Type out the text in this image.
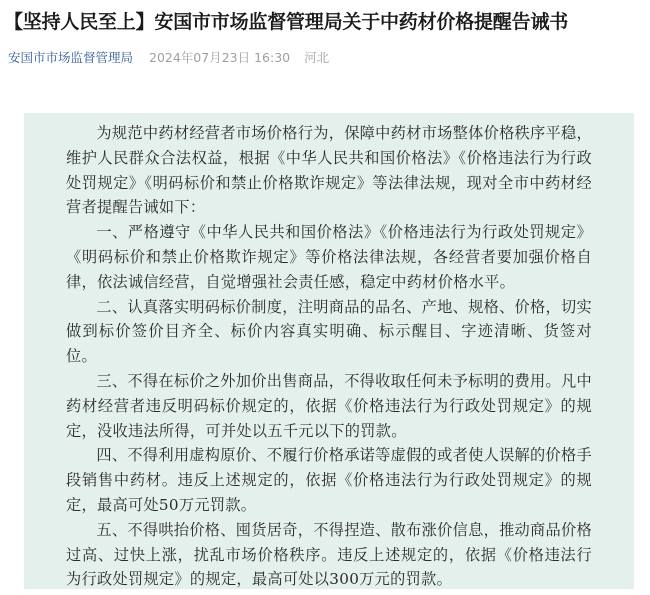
【坚持人民至上】安国市市场监督管理局关于中药材价格提醒告诫书
安国市市场监督管理局 2024年07月23日 16:30 河北

为规范中药材经营者市场价格行为，保障中药材市场整体价格秩序平稳，维护人民群众合法权益，根据《中华人民共和国价格法》《价格违法行为行政处罚规定》《明码标价和禁止价格欺诈规定》等法律法规，现对全市中药材经营者提醒告诫如下：

一、严格遵守《中华人民共和国价格法》《价格违法行为行政处罚规定》《明码标价和禁止价格欺诈规定》等价格法律法规，各经营者要加强价格自律，依法诚信经营，自觉增强社会责任感，稳定中药材价格水平。

二、认真落实明码标价制度，注明商品的品名、产地、规格、价格，切实做到标价签价目齐全、标价内容真实明确、标示醒目、字迹清晰、货签对位。

三、不得在标价之外加价出售商品，不得收取任何未予标明的费用。凡中药材经营者违反明码标价规定的，依据《价格违法行为行政处罚规定》的规定，没收违法所得，可并处以五千元以下的罚款。

四、不得利用虚构原价、不履行价格承诺等虚假的或者使人误解的价格手段销售中药材。违反上述规定的，依据《价格违法行为行政处罚规定》的规定，最高可处50万元罚款。

五、不得哄抬价格、囤货居奇，不得捏造、散布涨价信息，推动商品价格过高、过快上涨，扰乱市场价格秩序。违反上述规定的，依据《价格违法行为行政处罚规定》的规定，最高可处以300万元的罚款。
